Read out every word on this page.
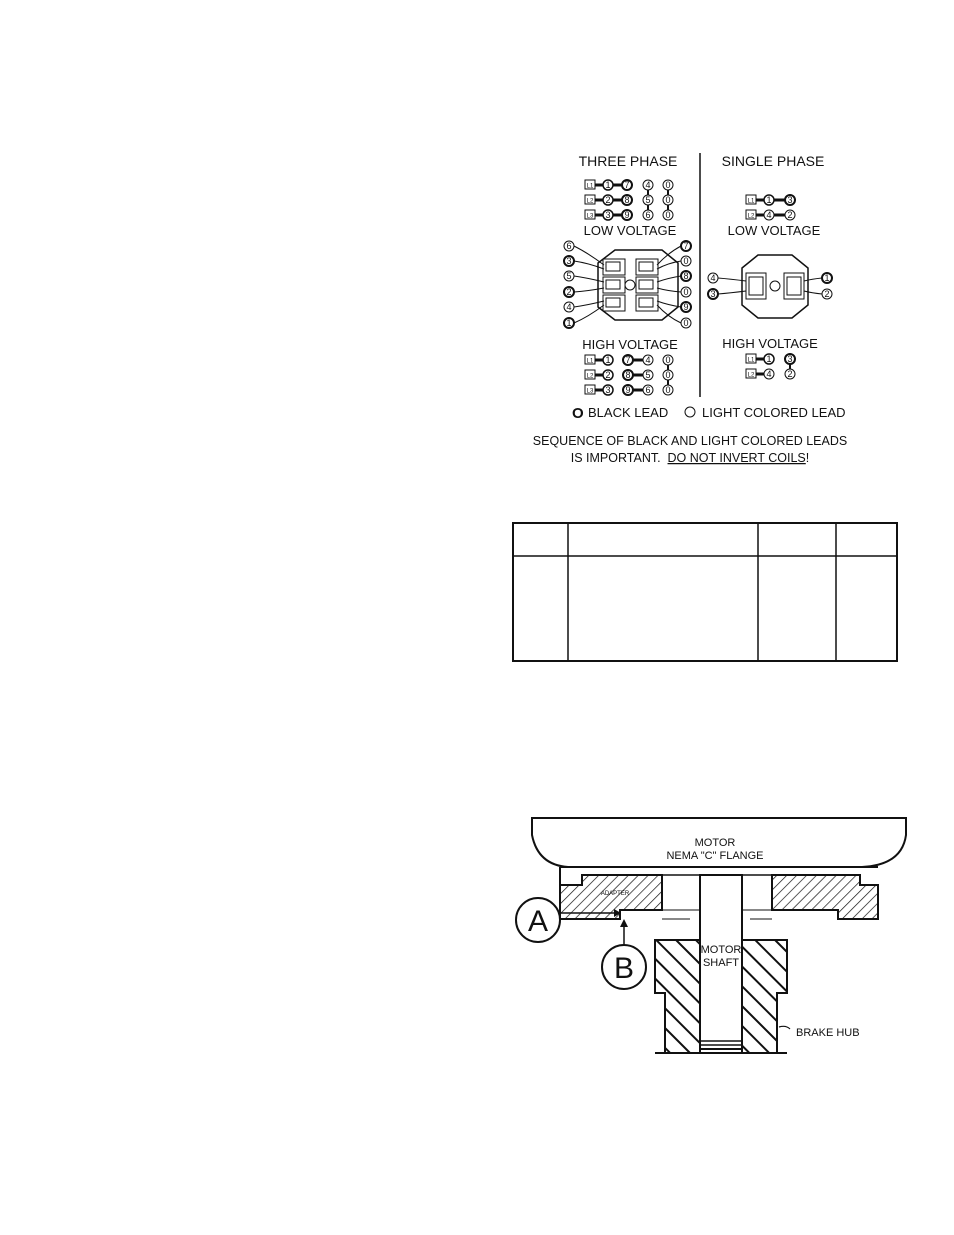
THREE PHASE	SINGLE PHASE
L1 1 7 4 0
L2 2 8 5 0
L3 3 9 6 0
LOW VOLTAGE
6
3
5
2
4
1
7
0
8
0
9
0
HIGH VOLTAGE
L1 1 7 4 0
L2 2 8 5 0
L3 3 9 6 0
L1 1 3
L2 4 2
LOW VOLTAGE
4
3
1
2
HIGH VOLTAGE
L1 1 3
L2 4 2
O BLACK LEAD	LIGHT COLORED LEAD
SEQUENCE OF BLACK AND LIGHT COLORED LEADS
IS IMPORTANT.  DO NOT INVERT COILS!
MOTOR
NEMA "C" FLANGE
ADAPTER
MOTOR
SHAFT
BRAKE HUB
A
B
